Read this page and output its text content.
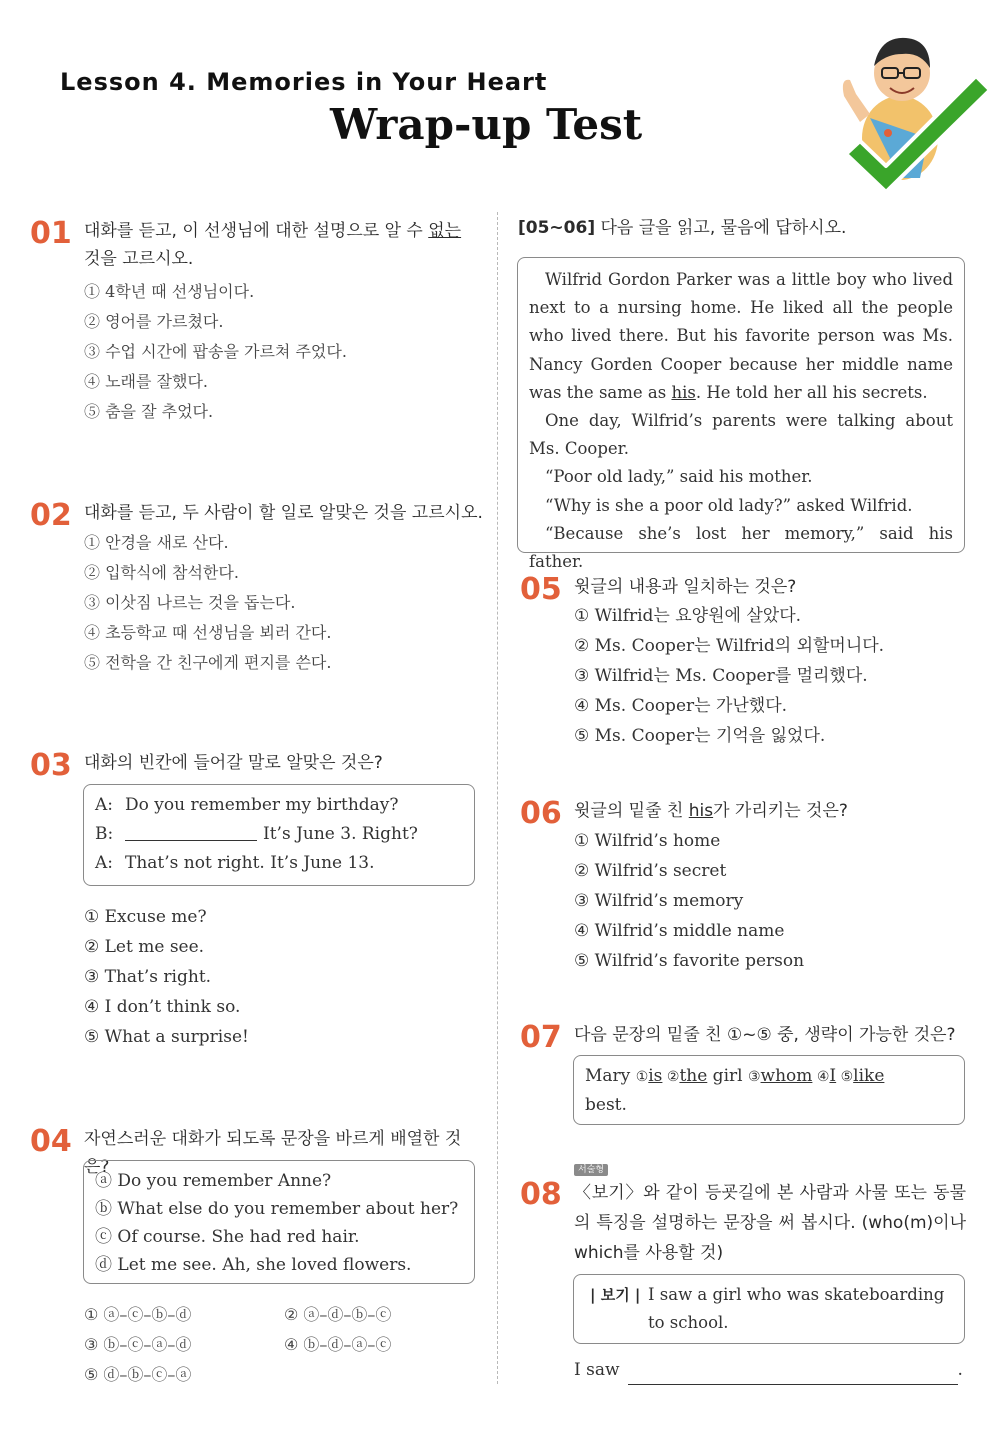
Lesson 4. Memories in Your Heart
Wrap-up Test
01 대화를 듣고, 이 선생님에 대한 설명으로 알 수 없는
것을 고르시오.
① 4학년 때 선생님이다.
② 영어를 가르쳤다.
③ 수업 시간에 팝송을 가르쳐 주었다.
④ 노래를 잘했다.
⑤ 춤을 잘 추었다.
02 대화를 듣고, 두 사람이 할 일로 알맞은 것을 고르시오.
① 안경을 새로 산다.
② 입학식에 참석한다.
③ 이삿짐 나르는 것을 돕는다.
④ 초등학교 때 선생님을 뵈러 간다.
⑤ 전학을 간 친구에게 편지를 쓴다.
03 대화의 빈칸에 들어갈 말로 알맞은 것은?
A: Do you remember my birthday?
B:	It’s June 3. Right?
A: That’s not right. It’s June 13.
① Excuse me?
② Let me see.
③ That’s right.
④ I don’t think so.
⑤ What a surprise!
04 자연스러운 대화가 되도록 문장을 바르게 배열한 것은?
ⓐ Do you remember Anne?
ⓑ What else do you remember about her?
ⓒ Of course. She had red hair.
ⓓ Let me see. Ah, she loved flowers.
① ⓐ–ⓒ–ⓑ–ⓓ	② ⓐ–ⓓ–ⓑ–ⓒ
③ ⓑ–ⓒ–ⓐ–ⓓ	④ ⓑ–ⓓ–ⓐ–ⓒ
⑤ ⓓ–ⓑ–ⓒ–ⓐ
[05~06] 다음 글을 읽고, 물음에 답하시오.
Wilfrid Gordon Parker was a little boy who lived next to a nursing home. He liked all the people who lived there. But his favorite person was Ms. Nancy Gorden Cooper because her middle name was the same as his. He told her all his secrets.
One day, Wilfrid’s parents were talking about Ms. Cooper.
“Poor old lady,” said his mother.
“Why is she a poor old lady?” asked Wilfrid.
“Because she’s lost her memory,” said his father.
05 윗글의 내용과 일치하는 것은?
① Wilfrid는 요양원에 살았다.
② Ms. Cooper는 Wilfrid의 외할머니다.
③ Wilfrid는 Ms. Cooper를 멀리했다.
④ Ms. Cooper는 가난했다.
⑤ Ms. Cooper는 기억을 잃었다.
06 윗글의 밑줄 친 his가 가리키는 것은?
① Wilfrid’s home
② Wilfrid’s secret
③ Wilfrid’s memory
④ Wilfrid’s middle name
⑤ Wilfrid’s favorite person
07 다음 문장의 밑줄 친 ①~⑤ 중, 생략이 가능한 것은?
Mary ①is ②the girl ③whom ④I ⑤like
best.
서술형
08 〈보기〉와 같이 등굣길에 본 사람과 사물 또는 동물의 특징을 설명하는 문장을 써 봅시다. (who(m)이나 which를 사용할 것)
| 보기 | I saw a girl who was skateboarding to school.
I saw	.
